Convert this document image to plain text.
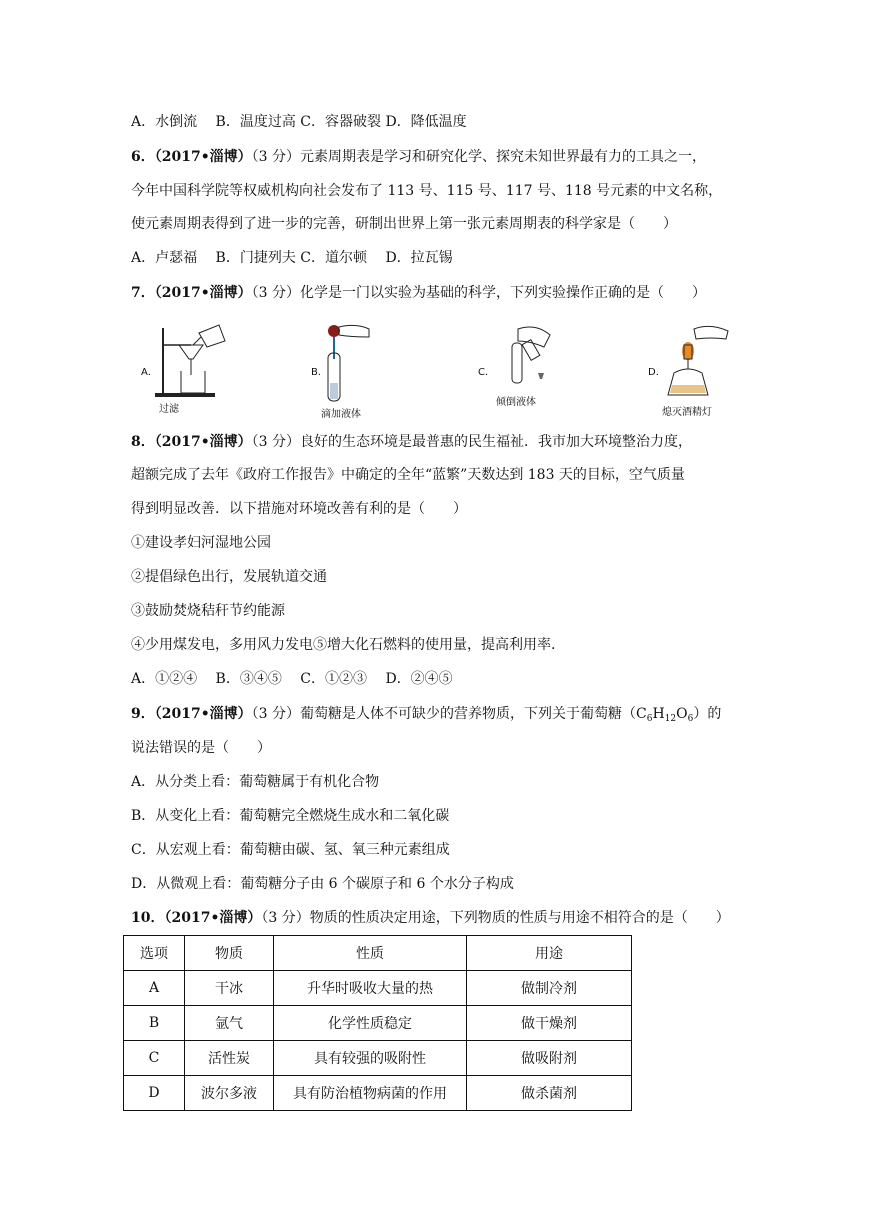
A．水倒流　 B．温度过高 C．容器破裂 D．降低温度
6．（2017•淄博）（3 分）元素周期表是学习和研究化学、探究未知世界最有力的工具之一，
今年中国科学院等权威机构向社会发布了 113 号、115 号、117 号、118 号元素的中文名称，
使元素周期表得到了进一步的完善，研制出世界上第一张元素周期表的科学家是（　　）
A．卢瑟福　 B．门捷列夫 C．道尔顿　 D．拉瓦锡
7．（2017•淄博）（3 分）化学是一门以实验为基础的科学，下列实验操作正确的是（　　）
A．
过滤
B．
滴加液体
C．
倾倒液体
D．
熄灭酒精灯
8．（2017•淄博）（3 分）良好的生态环境是最普惠的民生福祉．我市加大环境整治力度，
超额完成了去年《政府工作报告》中确定的全年“蓝繁”天数达到 183 天的目标，空气质量
得到明显改善．以下措施对环境改善有利的是（　　）
①建设孝妇河湿地公园
②提倡绿色出行，发展轨道交通
③鼓励焚烧秸秆节约能源
④少用煤发电，多用风力发电⑤增大化石燃料的使用量，提高利用率．
A．①②④　 B．③④⑤　 C．①②③　 D．②④⑤
9．（2017•淄博）（3 分）葡萄糖是人体不可缺少的营养物质，下列关于葡萄糖$(C_6H_{12}O_6)$的
说法错误的是（　　）
A．从分类上看：葡萄糖属于有机化合物
B．从变化上看：葡萄糖完全燃烧生成水和二氧化碳
C．从宏观上看：葡萄糖由碳、氢、氧三种元素组成
D．从微观上看：葡萄糖分子由 6 个碳原子和 6 个水分子构成
10．（2017•淄博）（3 分）物质的性质决定用途，下列物质的性质与用途不相符合的是（　　）
选项	物质	性质	用途
A	干冰	升华时吸收大量的热	做制冷剂
B	氩气	化学性质稳定	做干燥剂
C	活性炭	具有较强的吸附性	做吸附剂
D	波尔多液	具有防治植物病菌的作用	做杀菌剂
